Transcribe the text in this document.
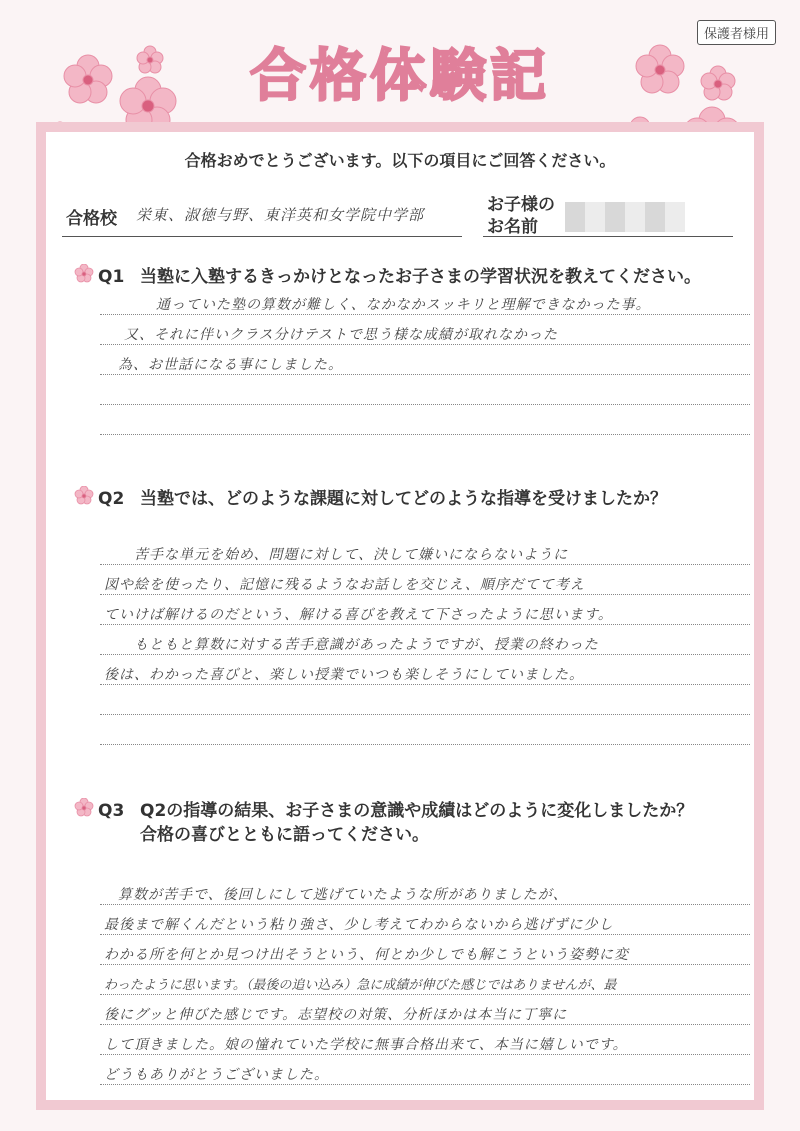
合格体験記
保護者様用
合格おめでとうございます。以下の項目にご回答ください。
合格校 栄東、淑徳与野、東洋英和女学院中学部	お子様の
お名前
Q1 当塾に入塾するきっかけとなったお子さまの学習状況を教えてください。
通っていた塾の算数が難しく、なかなかスッキリと理解できなかった事。
又、それに伴いクラス分けテストで思う様な成績が取れなかった
為、お世話になる事にしました。
Q2 当塾では、どのような課題に対してどのような指導を受けましたか？
苦手な単元を始め、問題に対して、決して嫌いにならないように
図や絵を使ったり、記憶に残るようなお話しを交じえ、順序だてて考え
ていけば解けるのだという、解ける喜びを教えて下さったように思います。
もともと算数に対する苦手意識があったようですが、授業の終わった
後は、わかった喜びと、楽しい授業でいつも楽しそうにしていました。
Q3 Q2の指導の結果、お子さまの意識や成績はどのように変化しましたか？
合格の喜びとともに語ってください。
算数が苦手で、後回しにして逃げていたような所がありましたが、
最後まで解くんだという粘り強さ、少し考えてわからないから逃げずに少し
わかる所を何とか見つけ出そうという、何とか少しでも解こうという姿勢に変
わったように思います。（最後の追い込み）急に成績が伸びた感じではありませんが、最
後にグッと伸びた感じです。志望校の対策、分析ほかは本当に丁寧に
して頂きました。娘の憧れていた学校に無事合格出来て、本当に嬉しいです。
どうもありがとうございました。
